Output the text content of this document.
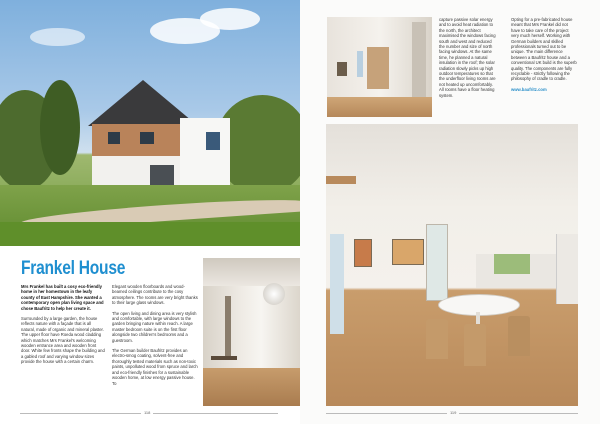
Frankel House

Mrs Frankel has built a cosy eco-friendly home in her homestown in the leafy county of East Hampshire. She wanted a contemporary open plan living space and chose Baufritz to help her create it.

Surrounded by a large garden, the house reflects nature with a façade that is all natural, made of organic and mineral plaster. The upper floor have Roeda wood cladding which matches Mrs Frankel's welcoming wooden entrance area and wooden front door. White few fronts shape the building and a gabled roof and varying window sizes provide the house with a certain charm.

Elegant wooden floorboards and wood-beamed ceilings contribute to the cosy atmosphere. The rooms are very bright thanks to their large glass windows.

The open living and dining area is very stylish and comfortable, with large windows to the garden bringing nature within reach. A large master bedroom suite is on the first floor alongside two children's bedrooms and a guestroom.

The German builder Baufritz provides an electro-smog coating, solvent-free and thoroughly tested materials such as non-toxic paints, unpolluted wood from spruce and larch and eco-friendly finishes for a sustainable wooden home, at low energy passive house. To

118

capture passive solar energy and to avoid heat radiation to the north, the architect maximised the windows facing south and west and reduced the number and size of north facing windows. At the same time, he planned a natural insulation in the roof; the solar radiation slowly picks up high outdoor temperatures so that the underfloor living rooms are not heated up uncomfortably. All rooms have a floor heating system.

Opting for a pre-fabricated house meant that Mrs Frankel did not have to take care of the project very much herself. Working with German builders and skilled professionals turned out to be unique. The main difference between a Baufritz house and a conventional UK build is the superb quality. The components are fully recyclable - strictly following the philosophy of cradle to cradle.

www.baufritz.com

119
